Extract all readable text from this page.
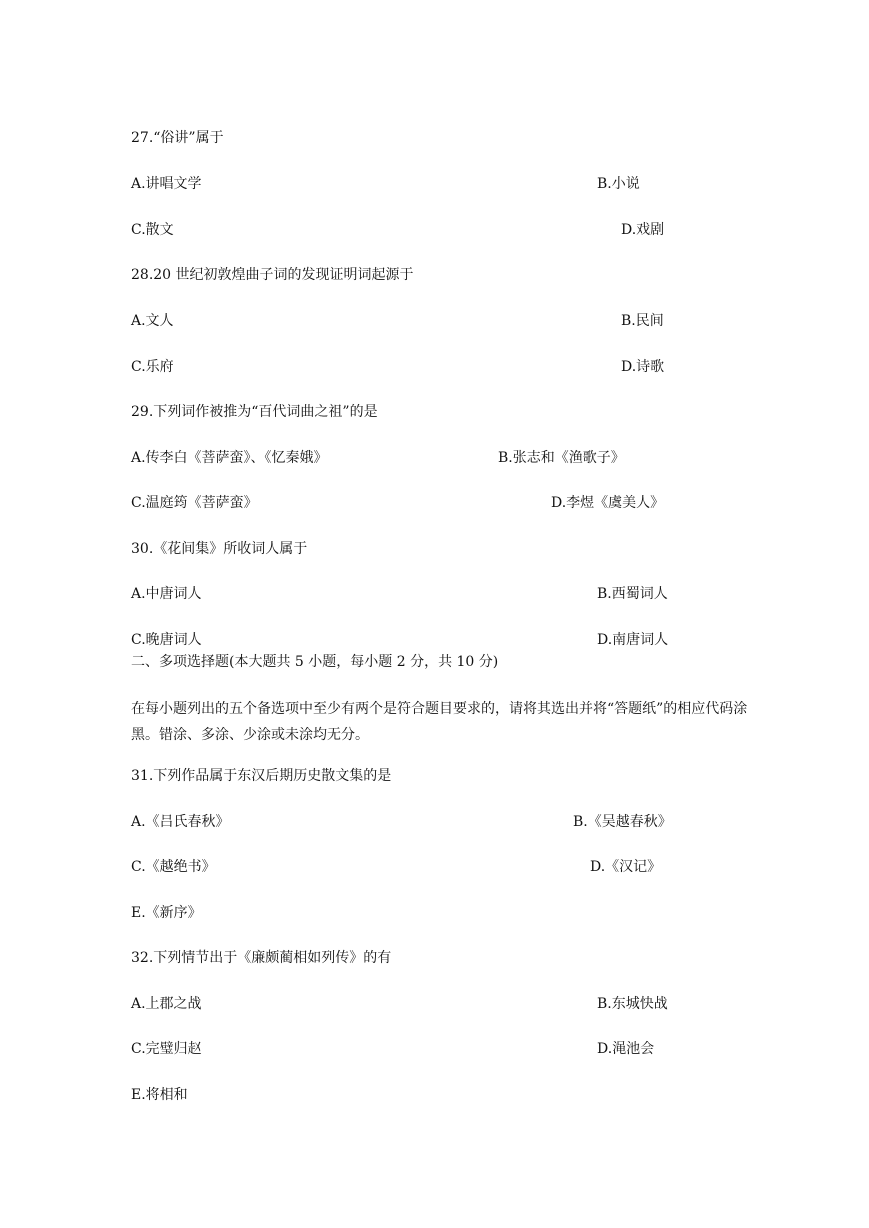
27.“俗讲”属于
A.讲唱文学	B.小说
C.散文	D.戏剧
28.20 世纪初敦煌曲子词的发现证明词起源于
A.文人	B.民间
C.乐府	D.诗歌
29.下列词作被推为“百代词曲之祖”的是
A.传李白《菩萨蛮》、《忆秦娥》	B.张志和《渔歌子》
C.温庭筠《菩萨蛮》	D.李煜《虞美人》
30.《花间集》所收词人属于
A.中唐词人	B.西蜀词人
C.晚唐词人	D.南唐词人
二、多项选择题(本大题共 5 小题，每小题 2 分，共 10 分)
在每小题列出的五个备选项中至少有两个是符合题目要求的，请将其选出并将“答题纸”的相应代码涂黑。错涂、多涂、少涂或未涂均无分。
31.下列作品属于东汉后期历史散文集的是
A.《吕氏春秋》	B.《吴越春秋》
C.《越绝书》	D.《汉记》
E.《新序》
32.下列情节出于《廉颇蔺相如列传》的有
A.上郡之战	B.东城快战
C.完璧归赵	D.渑池会
E.将相和
